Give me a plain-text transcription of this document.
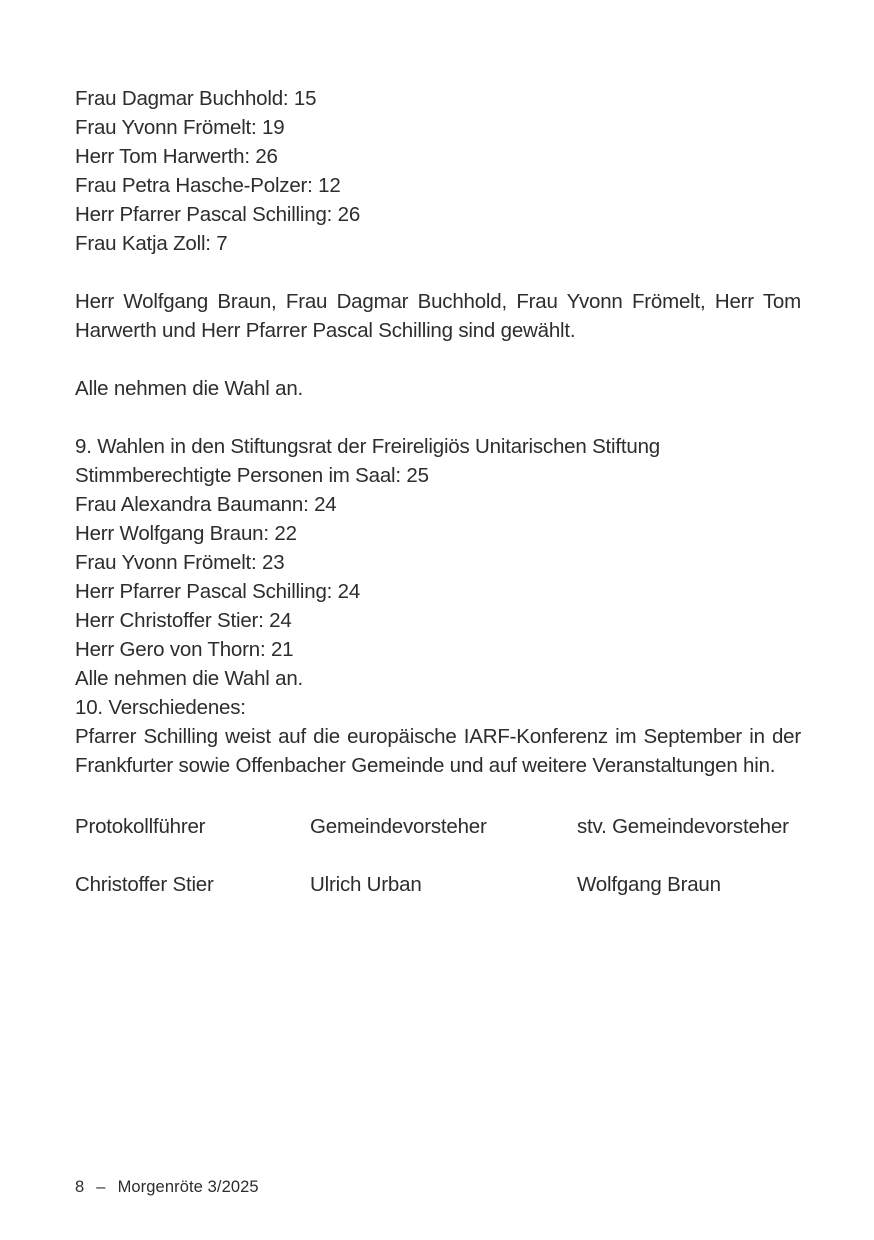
Frau Dagmar Buchhold: 15
Frau Yvonn Frömelt: 19
Herr Tom Harwerth: 26
Frau Petra Hasche-Polzer: 12
Herr Pfarrer Pascal Schilling: 26
Frau Katja Zoll: 7

Herr Wolfgang Braun, Frau Dagmar Buchhold, Frau Yvonn Frömelt, Herr Tom Harwerth und Herr Pfarrer Pascal Schilling sind gewählt.

Alle nehmen die Wahl an.

9. Wahlen in den Stiftungsrat der Freireligiös Unitarischen Stiftung
Stimmberechtigte Personen im Saal: 25
Frau Alexandra Baumann: 24
Herr Wolfgang Braun: 22
Frau Yvonn Frömelt: 23
Herr Pfarrer Pascal Schilling: 24
Herr Christoffer Stier: 24
Herr Gero von Thorn: 21
Alle nehmen die Wahl an.
10. Verschiedenes:

Pfarrer Schilling weist auf die europäische IARF-Konferenz im September in der Frankfurter sowie Offenbacher Gemeinde und auf weitere Veranstaltungen hin.

Protokollführer	Gemeindevorsteher	stv. Gemeindevorsteher
Christoffer Stier	Ulrich Urban	Wolfgang Braun
8 – Morgenröte 3/2025
